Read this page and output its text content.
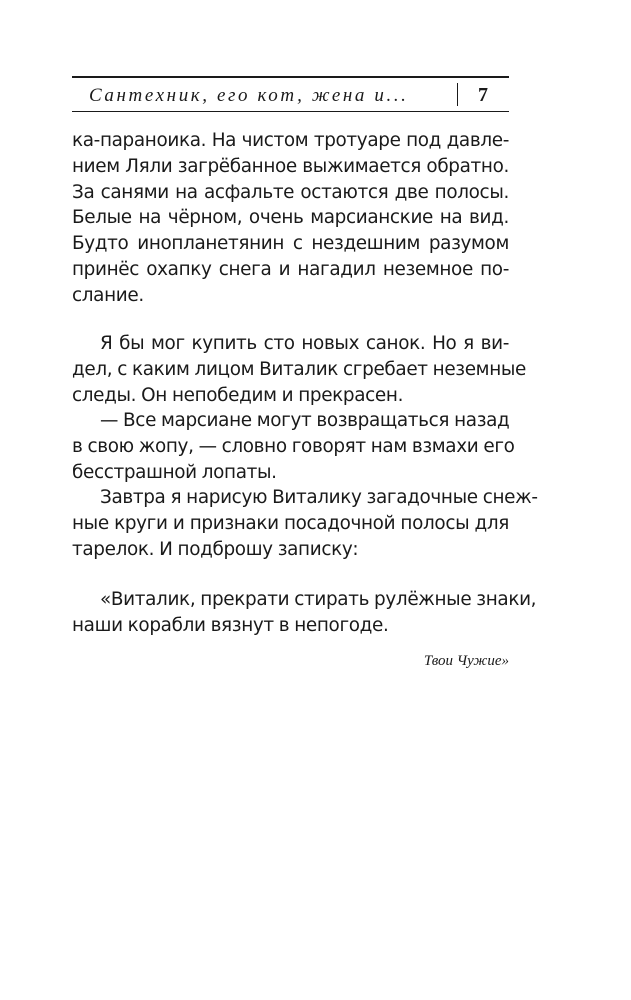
Сантехник, его кот, жена и...	7
ка-параноика. На чистом тротуаре под давле-
нием Ляли загрёбанное выжимается обратно.
За санями на асфальте остаются две полосы.
Белые на чёрном, очень марсианские на вид.
Будто инопланетянин с нездешним разумом
принёс охапку снега и нагадил неземное по-
слание.
Я бы мог купить сто новых санок. Но я ви-
дел, с каким лицом Виталик сгребает неземные
следы. Он непобедим и прекрасен.
— Все марсиане могут возвращаться назад
в свою жопу, — словно говорят нам взмахи его
бесстрашной лопаты.
Завтра я нарисую Виталику загадочные снеж-
ные круги и признаки посадочной полосы для
тарелок. И подброшу записку:
«Виталик, прекрати стирать рулёжные знаки,
наши корабли вязнут в непогоде.
Твои Чужие»
